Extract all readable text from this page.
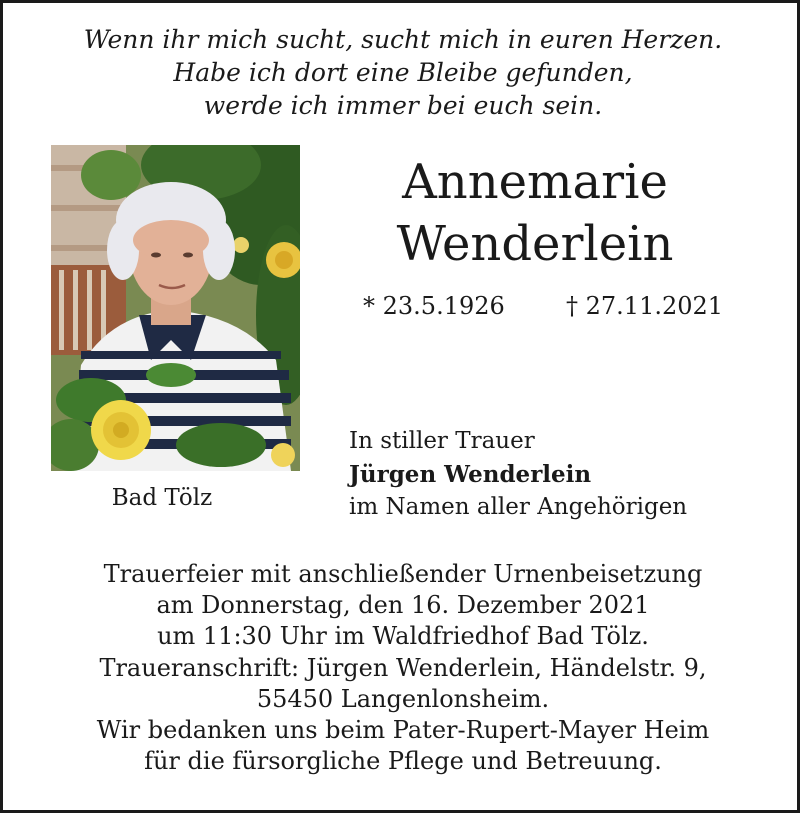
Wenn ihr mich sucht, sucht mich in euren Herzen.
Habe ich dort eine Bleibe gefunden,
werde ich immer bei euch sein.
Bad Tölz
Annemarie
Wenderlein
* 23.5.1926	† 27.11.2021
In stiller Trauer
Jürgen Wenderlein
im Namen aller Angehörigen
Trauerfeier mit anschließender Urnenbeisetzung
am Donnerstag, den 16. Dezember 2021
um 11:30 Uhr im Waldfriedhof Bad Tölz.
Traueranschrift: Jürgen Wenderlein, Händelstr. 9,
55450 Langenlonsheim.
Wir bedanken uns beim Pater-Rupert-Mayer Heim
für die fürsorgliche Pflege und Betreuung.
